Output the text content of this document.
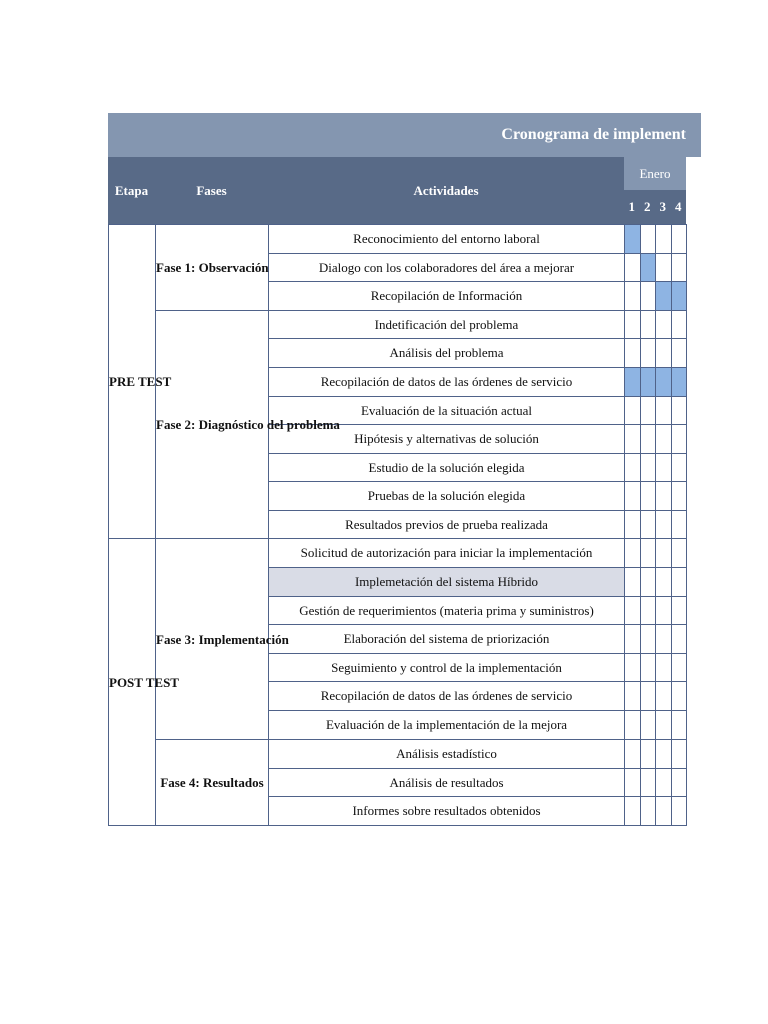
Cronograma de implement
Etapa	Fases	Actividades
Enero
1 2 3 4
PRE TEST	Fase 1: Observación	Reconocimiento del entorno laboral				
		Dialogo con los colaboradores del área a mejorar				
		Recopilación de Información				
	Fase 2: Diagnóstico del problema	Indetificación del problema				
		Análisis del problema				
		Recopilación de datos de las órdenes de servicio				
		Evaluación de la situación actual				
		Hipótesis y alternativas de solución				
		Estudio de la solución elegida				
		Pruebas de la solución elegida				
		Resultados previos de prueba realizada				
POST TEST	Fase 3: Implementación	Solicitud de autorización para iniciar la implementación				
		Implemetación del sistema Híbrido				
		Gestión de requerimientos (materia prima y suministros)				
		Elaboración del sistema de priorización				
		Seguimiento y control de la implementación				
		Recopilación de datos de las órdenes de servicio				
		Evaluación de la implementación de la mejora				
	Fase 4: Resultados	Análisis estadístico				
		Análisis de resultados				
		Informes sobre resultados obtenidos				
